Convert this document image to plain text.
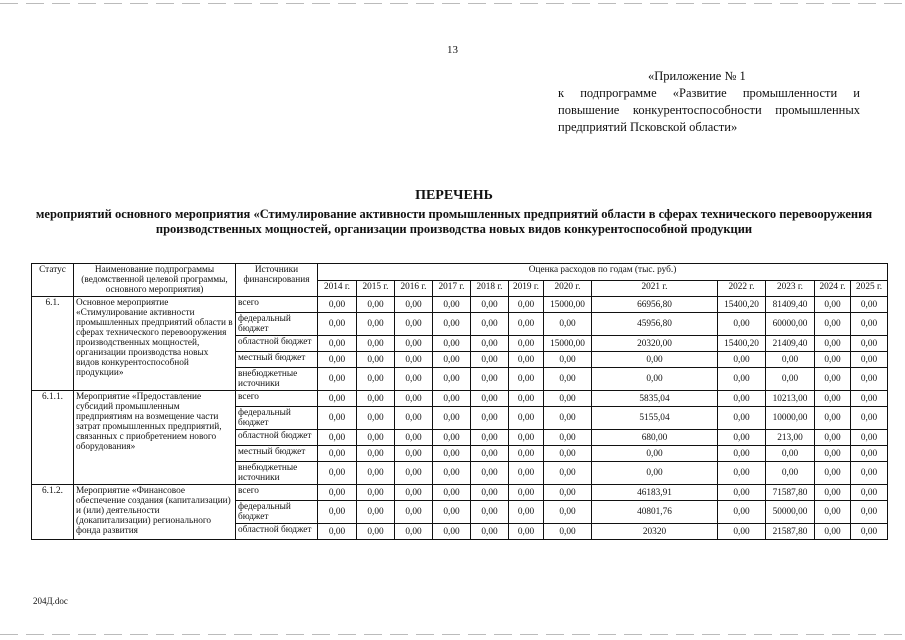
13
«Приложение № 1
к подпрограмме «Развитие промышленности и повышение конкурентоспособности промышленных предприятий Псковской области»
ПЕРЕЧЕНЬ
мероприятий основного мероприятия «Стимулирование активности промышленных предприятий области в сферах технического перевооружения производственных мощностей, организации производства новых видов конкурентоспособной продукции
Статус	Наименование подпрограммы (ведомственной целевой программы, основного мероприятия)	Источники финансирования	Оценка расходов по годам (тыс. руб.)											
			2014 г.	2015 г.	2016 г.	2017 г.	2018 г.	2019 г.	2020 г.	2021 г.	2022 г.	2023 г.	2024 г.	2025 г.
6.1.	Основное мероприятие «Стимулирование активности промышленных предприятий области в сферах технического перевооружения производственных мощностей, организации производства новых видов конкурентоспособной продукции»	всего	0,00	0,00	0,00	0,00	0,00	0,00	15000,00	66956,80	15400,20	81409,40	0,00	0,00
		федеральный бюджет	0,00	0,00	0,00	0,00	0,00	0,00	0,00	45956,80	0,00	60000,00	0,00	0,00
		областной бюджет	0,00	0,00	0,00	0,00	0,00	0,00	15000,00	20320,00	15400,20	21409,40	0,00	0,00
		местный бюджет	0,00	0,00	0,00	0,00	0,00	0,00	0,00	0,00	0,00	0,00	0,00	0,00
		внебюджетные источники	0,00	0,00	0,00	0,00	0,00	0,00	0,00	0,00	0,00	0,00	0,00	0,00
6.1.1.	Мероприятие «Предоставление субсидий промышленным предприятиям на возмещение части затрат промышленных предприятий, связанных с приобретением нового оборудования»	всего	0,00	0,00	0,00	0,00	0,00	0,00	0,00	5835,04	0,00	10213,00	0,00	0,00
		федеральный бюджет	0,00	0,00	0,00	0,00	0,00	0,00	0,00	5155,04	0,00	10000,00	0,00	0,00
		областной бюджет	0,00	0,00	0,00	0,00	0,00	0,00	0,00	680,00	0,00	213,00	0,00	0,00
		местный бюджет	0,00	0,00	0,00	0,00	0,00	0,00	0,00	0,00	0,00	0,00	0,00	0,00
		внебюджетные источники	0,00	0,00	0,00	0,00	0,00	0,00	0,00	0,00	0,00	0,00	0,00	0,00
6.1.2.	Мероприятие «Финансовое обеспечение создания (капитализации) и (или) деятельности (докапитализации) регионального фонда развития	всего	0,00	0,00	0,00	0,00	0,00	0,00	0,00	46183,91	0,00	71587,80	0,00	0,00
		федеральный бюджет	0,00	0,00	0,00	0,00	0,00	0,00	0,00	40801,76	0,00	50000,00	0,00	0,00
		областной бюджет	0,00	0,00	0,00	0,00	0,00	0,00	0,00	20320	0,00	21587,80	0,00	0,00
204Д.doc
